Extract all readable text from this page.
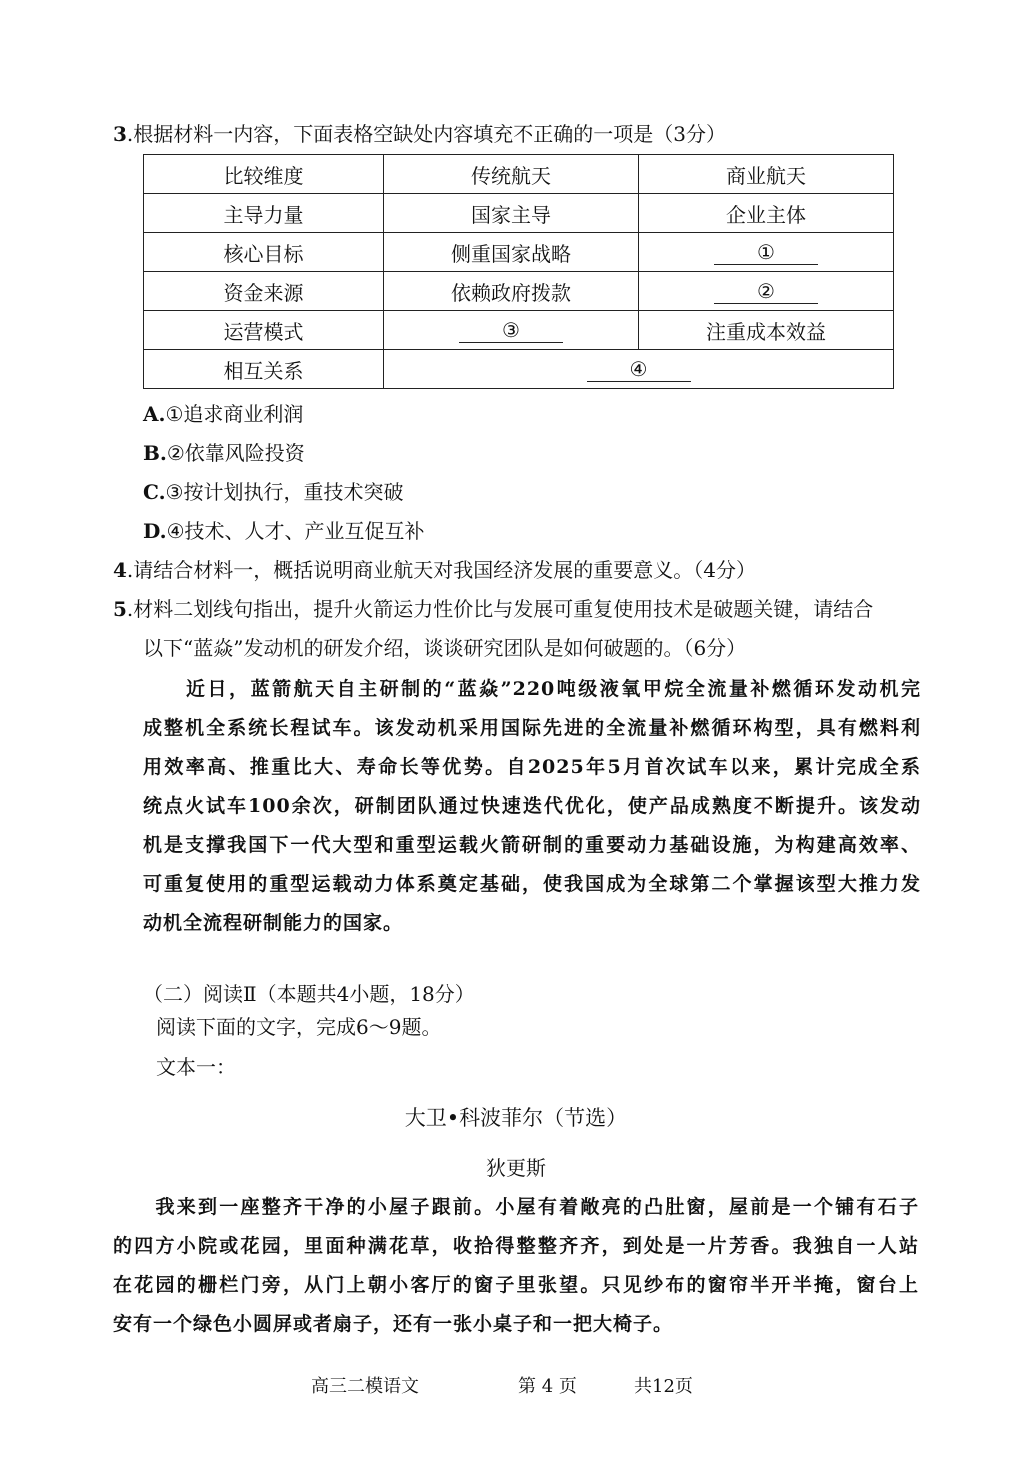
3.根据材料一内容，下面表格空缺处内容填充不正确的一项是（3分）
比较维度	传统航天	商业航天
主导力量	国家主导	企业主体
核心目标	侧重国家战略	①
资金来源	依赖政府拨款	②
运营模式	③	注重成本效益
相互关系	④	
A.①追求商业利润
B.②依靠风险投资
C.③按计划执行，重技术突破
D.④技术、人才、产业互促互补
4.请结合材料一，概括说明商业航天对我国经济发展的重要意义。（4分）
5.材料二划线句指出，提升火箭运力性价比与发展可重复使用技术是破题关键，请结合
以下“蓝焱”发动机的研发介绍，谈谈研究团队是如何破题的。（6分）
　　近日，蓝箭航天自主研制的“蓝焱”220吨级液氧甲烷全流量补燃循环发动机完
成整机全系统长程试车。该发动机采用国际先进的全流量补燃循环构型，具有燃料利
用效率高、推重比大、寿命长等优势。自2025年5月首次试车以来，累计完成全系
统点火试车100余次，研制团队通过快速迭代优化，使产品成熟度不断提升。该发动
机是支撑我国下一代大型和重型运载火箭研制的重要动力基础设施，为构建高效率、
可重复使用的重型运载动力体系奠定基础，使我国成为全球第二个掌握该型大推力发
动机全流程研制能力的国家。
（二）阅读Ⅱ（本题共4小题，18分）
阅读下面的文字，完成6～9题。
文本一：
大卫•科波菲尔（节选）
狄更斯
　　我来到一座整齐干净的小屋子跟前。小屋有着敞亮的凸肚窗，屋前是一个铺有石子
的四方小院或花园，里面种满花草，收拾得整整齐齐，到处是一片芳香。我独自一人站
在花园的栅栏门旁，从门上朝小客厅的窗子里张望。只见纱布的窗帘半开半掩，窗台上
安有一个绿色小圆屏或者扇子，还有一张小桌子和一把大椅子。
高三二模语文	第 4 页	共12页
